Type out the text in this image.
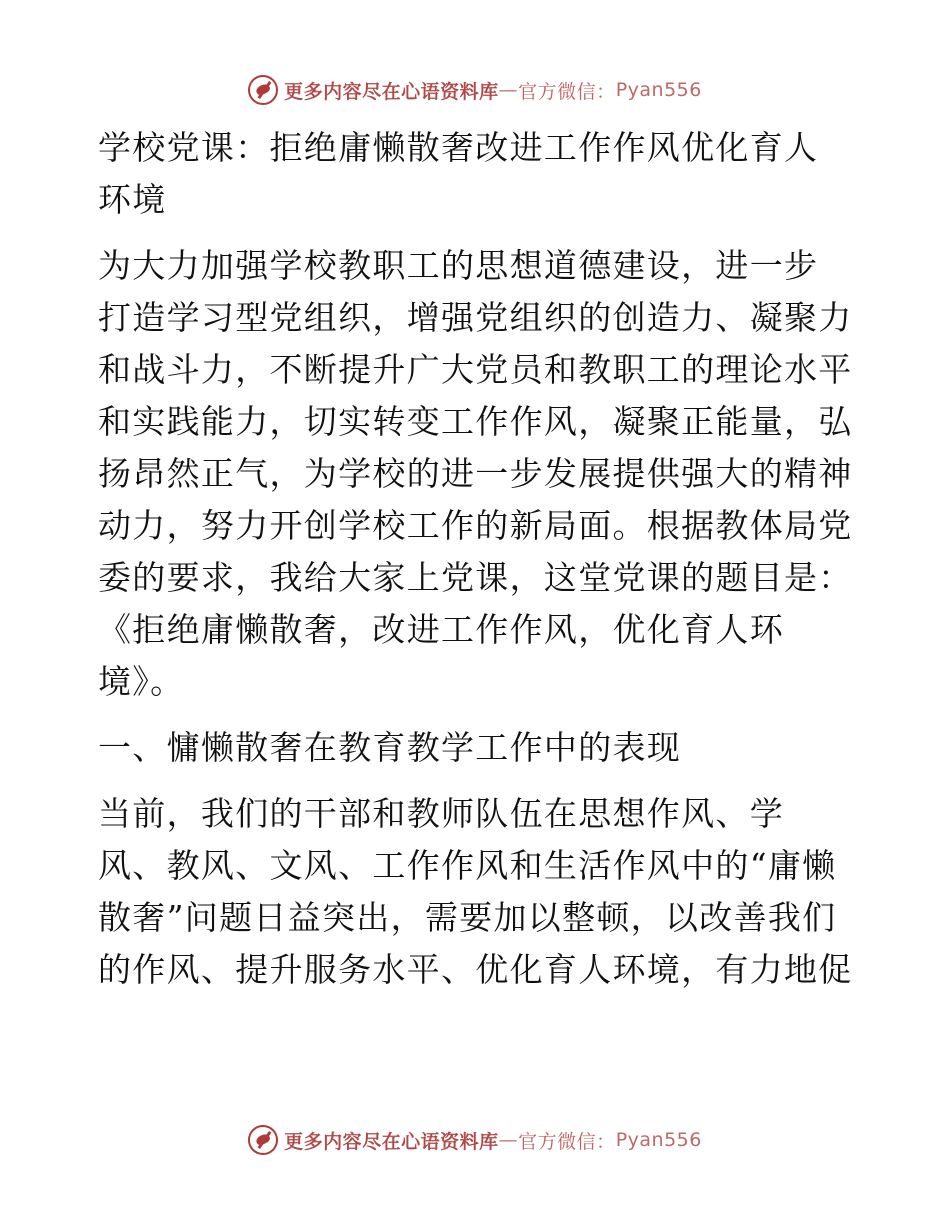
更多内容尽在心语资料库 — 官方微信： Pyan556
学校党课：拒绝庸懒散奢改进工作作风优化育人
环境
为大力加强学校教职工的思想道德建设，进一步
打造学习型党组织，增强党组织的创造力、凝聚力
和战斗力，不断提升广大党员和教职工的理论水平
和实践能力，切实转变工作作风，凝聚正能量，弘
扬昂然正气，为学校的进一步发展提供强大的精神
动力，努力开创学校工作的新局面。根据教体局党
委的要求，我给大家上党课，这堂党课的题目是：
《拒绝庸懒散奢，改进工作作风，优化育人环
境》。
一、慵懒散奢在教育教学工作中的表现
当前，我们的干部和教师队伍在思想作风、学
风、教风、文风、工作作风和生活作风中的“庸懒
散奢”问题日益突出，需要加以整顿，以改善我们
的作风、提升服务水平、优化育人环境，有力地促
更多内容尽在心语资料库 — 官方微信： Pyan556
